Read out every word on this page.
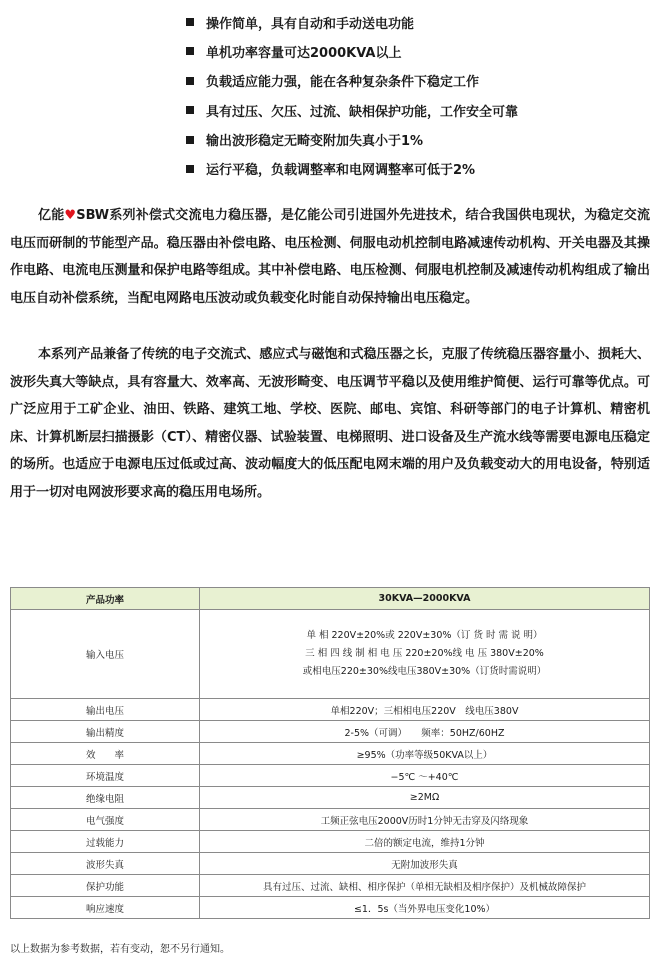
操作简单，具有自动和手动送电功能
单机功率容量可达2000KVA以上
负载适应能力强，能在各种复杂条件下稳定工作
具有过压、欠压、过流、缺相保护功能，工作安全可靠
输出波形稳定无畸变附加失真小于1%
运行平稳，负载调整率和电网调整率可低于2%

亿能♥SBW系列补偿式交流电力稳压器，是亿能公司引进国外先进技术，结合我国供电现状，为稳定交流电压而研制的节能型产品。稳压器由补偿电路、电压检测、伺服电动机控制电路减速传动机构、开关电器及其操作电路、电流电压测量和保护电路等组成。其中补偿电路、电压检测、伺服电机控制及减速传动机构组成了输出电压自动补偿系统，当配电网路电压波动或负载变化时能自动保持输出电压稳定。

本系列产品兼备了传统的电子交流式、感应式与磁饱和式稳压器之长，克服了传统稳压器容量小、损耗大、波形失真大等缺点，具有容量大、效率高、无波形畸变、电压调节平稳以及使用维护简便、运行可靠等优点。可广泛应用于工矿企业、油田、铁路、建筑工地、学校、医院、邮电、宾馆、科研等部门的电子计算机、精密机床、计算机断层扫描摄影（CT）、精密仪器、试验装置、电梯照明、进口设备及生产流水线等需要电源电压稳定的场所。也适应于电源电压过低或过高、波动幅度大的低压配电网末端的用户及负载变动大的用电设备，特别适用于一切对电网波形要求高的稳压用电场所。

产品功率	30KVA—2000KVA
输入电压	单 相 220V±20%或 220V±30%（订 货 时 需 说 明）
三 相 四 线 制 相 电 压 220±20%线 电 压 380V±20%
或相电压220±30%线电压380V±30%（订货时需说明）

输出电压	单相220V；三相相电压220V　线电压380V
输出精度	2-5%（可调）　　频率：50HZ/60HZ
效　　率	≥95%（功率等级50KVA以上）
环境温度	−5℃ ～+40℃
绝缘电阻	≥2MΩ
电气强度	工频正弦电压2000V历时1分钟无击穿及闪络现象
过载能力	二倍的额定电流，维持1分钟
波形失真	无附加波形失真
保护功能	具有过压、过流、缺相、相序保护（单相无缺相及相序保护）及机械故障保护
响应速度	≤1．5s（当外界电压变化10%）
以上数据为参考数据，若有变动，恕不另行通知。
